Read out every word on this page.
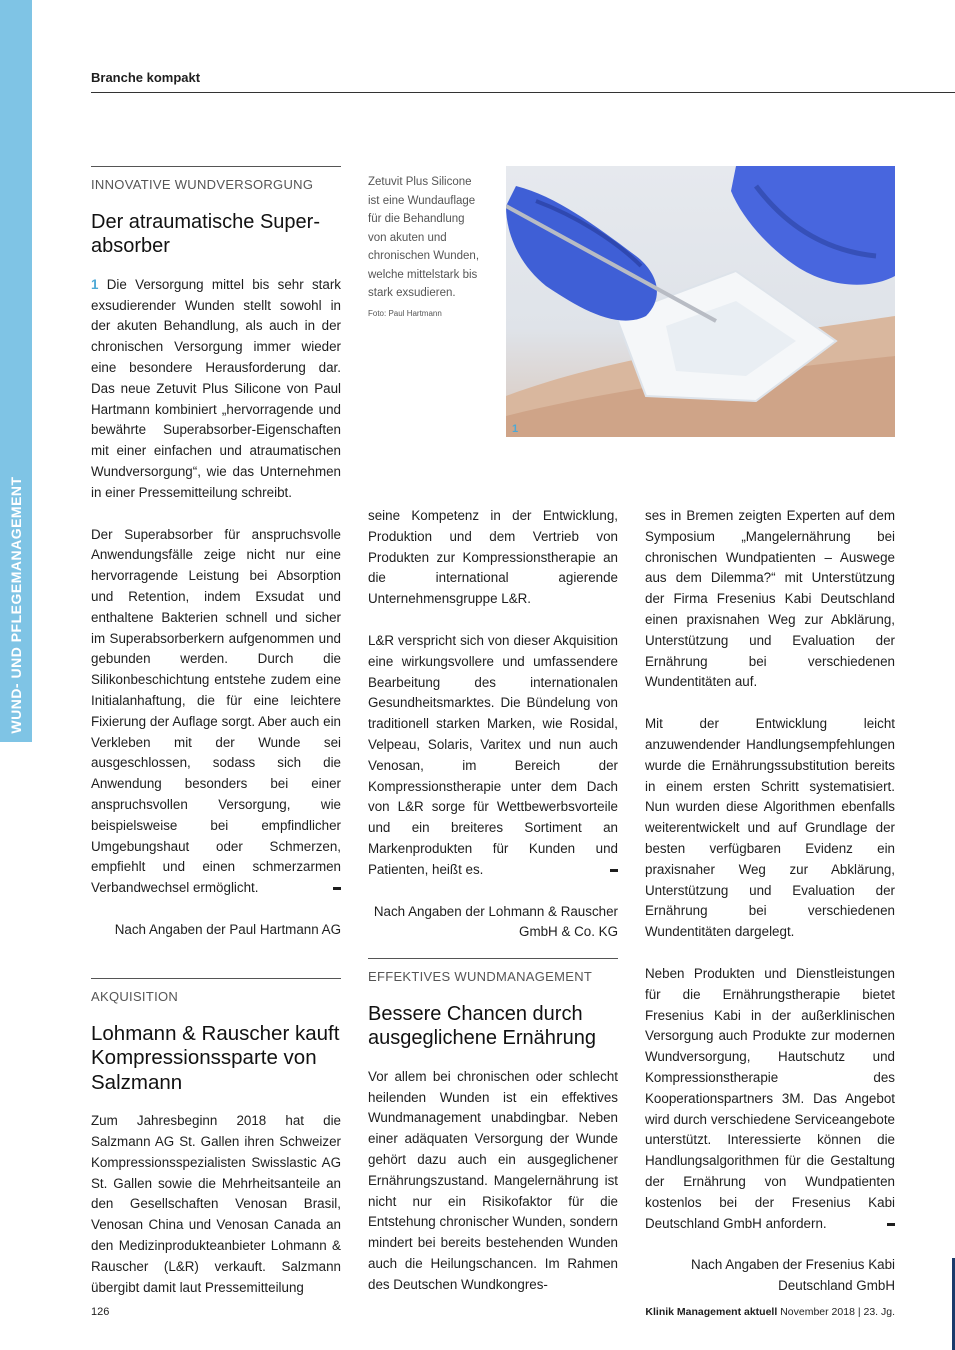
WUND- UND PFLEGEMANAGEMENT
Branche kompakt
INNOVATIVE WUNDVERSORGUNG
Der atraumatische Super-absorber

1 Die Versorgung mittel bis sehr stark exsudierender Wunden stellt sowohl in der akuten Behandlung, als auch in der chronischen Versorgung immer wieder eine besondere Herausforderung dar. Das neue Zetuvit Plus Silicone von Paul Hartmann kombiniert „hervorragende und bewährte Superabsorber-Eigenschaften mit einer einfachen und atraumatischen Wundversorgung“, wie das Unternehmen in einer Pressemitteilung schreibt.

Der Superabsorber für anspruchsvolle Anwendungsfälle zeige nicht nur eine hervorragende Leistung bei Absorption und Retention, indem Exsudat und enthaltene Bakterien schnell und sicher im Superabsorberkern aufgenommen und gebunden werden. Durch die Silikonbeschichtung entstehe zudem eine Initialanhaftung, die für eine leichtere Fixierung der Auflage sorgt. Aber auch ein Verkleben mit der Wunde sei ausgeschlossen, sodass sich die Anwendung besonders bei einer anspruchsvollen Versorgung, wie beispielsweise bei empfindlicher Umgebungshaut oder Schmerzen, empfiehlt und einen schmerzarmen Verbandwechsel ermöglicht.

Nach Angaben der Paul Hartmann AG
Zetuvit Plus Silicone ist eine Wundauflage für die Behandlung von akuten und chronischen Wunden, welche mittelstark bis stark exsudieren.
Foto: Paul Hartmann
1
AKQUISITION
Lohmann & Rauscher kauft Kompressionssparte von Salzmann

Zum Jahresbeginn 2018 hat die Salzmann AG St. Gallen ihren Schweizer Kompressionsspezialisten Swisslastic AG St. Gallen sowie die Mehrheitsanteile an den Gesellschaften Venosan Brasil, Venosan China und Venosan Canada an den Medizinprodukteanbieter Lohmann & Rauscher (L&R) verkauft. Salzmann übergibt damit laut Pressemitteilung

seine Kompetenz in der Entwicklung, Produktion und dem Vertrieb von Produkten zur Kompressionstherapie an die international agierende Unternehmensgruppe L&R.

L&R verspricht sich von dieser Akquisition eine wirkungsvollere und umfassendere Bearbeitung des internationalen Gesundheitsmarktes. Die Bündelung von traditionell starken Marken, wie Rosidal, Velpeau, Solaris, Varitex und nun auch Venosan, im Bereich der Kompressionstherapie unter dem Dach von L&R sorge für Wettbewerbsvorteile und ein breiteres Sortiment an Markenprodukten für Kunden und Patienten, heißt es.

Nach Angaben der Lohmann & Rauscher GmbH & Co. KG
EFFEKTIVES WUNDMANAGEMENT
Bessere Chancen durch ausgeglichene Ernährung

Vor allem bei chronischen oder schlecht heilenden Wunden ist ein effektives Wundmanagement unabdingbar. Neben einer adäquaten Versorgung der Wunde gehört dazu auch ein ausgeglichener Ernährungszustand. Mangelernährung ist nicht nur ein Risikofaktor für die Entstehung chronischer Wunden, sondern mindert bei bereits bestehenden Wunden auch die Heilungschancen. Im Rahmen des Deutschen Wundkongres-

ses in Bremen zeigten Experten auf dem Symposium „Mangelernährung bei chronischen Wundpatienten – Auswege aus dem Dilemma?“ mit Unterstützung der Firma Fresenius Kabi Deutschland einen praxisnahen Weg zur Abklärung, Unterstützung und Evaluation der Ernährung bei verschiedenen Wundentitäten auf.

Mit der Entwicklung leicht anzuwendender Handlungsempfehlungen wurde die Ernährungssubstitution bereits in einem ersten Schritt systematisiert. Nun wurden diese Algorithmen ebenfalls weiterentwickelt und auf Grundlage der besten verfügbaren Evidenz ein praxisnaher Weg zur Abklärung, Unterstützung und Evaluation der Ernährung bei verschiedenen Wundentitäten dargelegt.

Neben Produkten und Dienstleistungen für die Ernährungstherapie bietet Fresenius Kabi in der außerklinischen Versorgung auch Produkte zur modernen Wundversorgung, Hautschutz und Kompressionstherapie des Kooperationspartners 3M. Das Angebot wird durch verschiedene Serviceangebote unterstützt. Interessierte können die Handlungsalgorithmen für die Gestaltung der Ernährung von Wundpatienten kostenlos bei der Fresenius Kabi Deutschland GmbH anfordern.

Nach Angaben der Fresenius Kabi Deutschland GmbH
126	Klinik Management aktuell November 2018 | 23. Jg.
